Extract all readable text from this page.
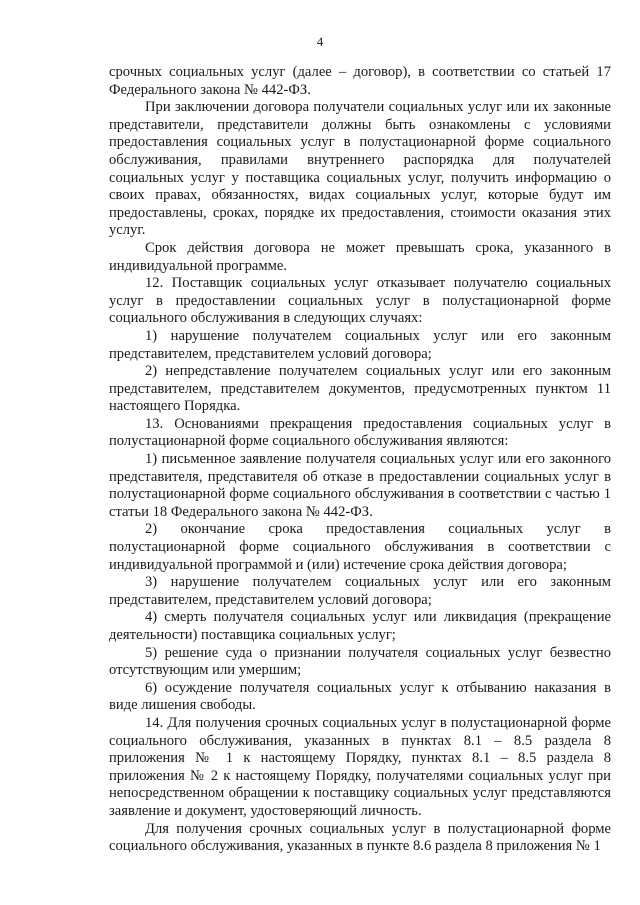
4

срочных социальных услуг (далее – договор), в соответствии со статьей 17 Федерального закона № 442-ФЗ.

При заключении договора получатели социальных услуг или их законные представители, представители должны быть ознакомлены с условиями предоставления социальных услуг в полустационарной форме социального обслуживания, правилами внутреннего распорядка для получателей социальных услуг у поставщика социальных услуг, получить информацию о своих правах, обязанностях, видах социальных услуг, которые будут им предоставлены, сроках, порядке их предоставления, стоимости оказания этих услуг.

Срок действия договора не может превышать срока, указанного в индивидуальной программе.

12. Поставщик социальных услуг отказывает получателю социальных услуг в предоставлении социальных услуг в полустационарной форме социального обслуживания в следующих случаях:

1) нарушение получателем социальных услуг или его законным представителем, представителем условий договора;

2) непредставление получателем социальных услуг или его законным представителем, представителем документов, предусмотренных пунктом 11 настоящего Порядка.

13. Основаниями прекращения предоставления социальных услуг в полустационарной форме социального обслуживания являются:

1) письменное заявление получателя социальных услуг или его законного представителя, представителя об отказе в предоставлении социальных услуг в полустационарной форме социального обслуживания в соответствии с частью 1 статьи 18 Федерального закона № 442-ФЗ.

2) окончание срока предоставления социальных услуг в полустационарной форме социального обслуживания в соответствии с индивидуальной программой и (или) истечение срока действия договора;

3) нарушение получателем социальных услуг или его законным представителем, представителем условий договора;

4) смерть получателя социальных услуг или ликвидация (прекращение деятельности) поставщика социальных услуг;

5) решение суда о признании получателя социальных услуг безвестно отсутствующим или умершим;

6) осуждение получателя социальных услуг к отбыванию наказания в виде лишения свободы.

14. Для получения срочных социальных услуг в полустационарной форме социального обслуживания, указанных в пунктах 8.1 – 8.5 раздела 8 приложения № 1 к настоящему Порядку, пунктах 8.1 – 8.5 раздела 8 приложения № 2 к настоящему Порядку, получателями социальных услуг при непосредственном обращении к поставщику социальных услуг представляются заявление и документ, удостоверяющий личность.

Для получения срочных социальных услуг в полустационарной форме социального обслуживания, указанных в пункте 8.6 раздела 8 приложения № 1
